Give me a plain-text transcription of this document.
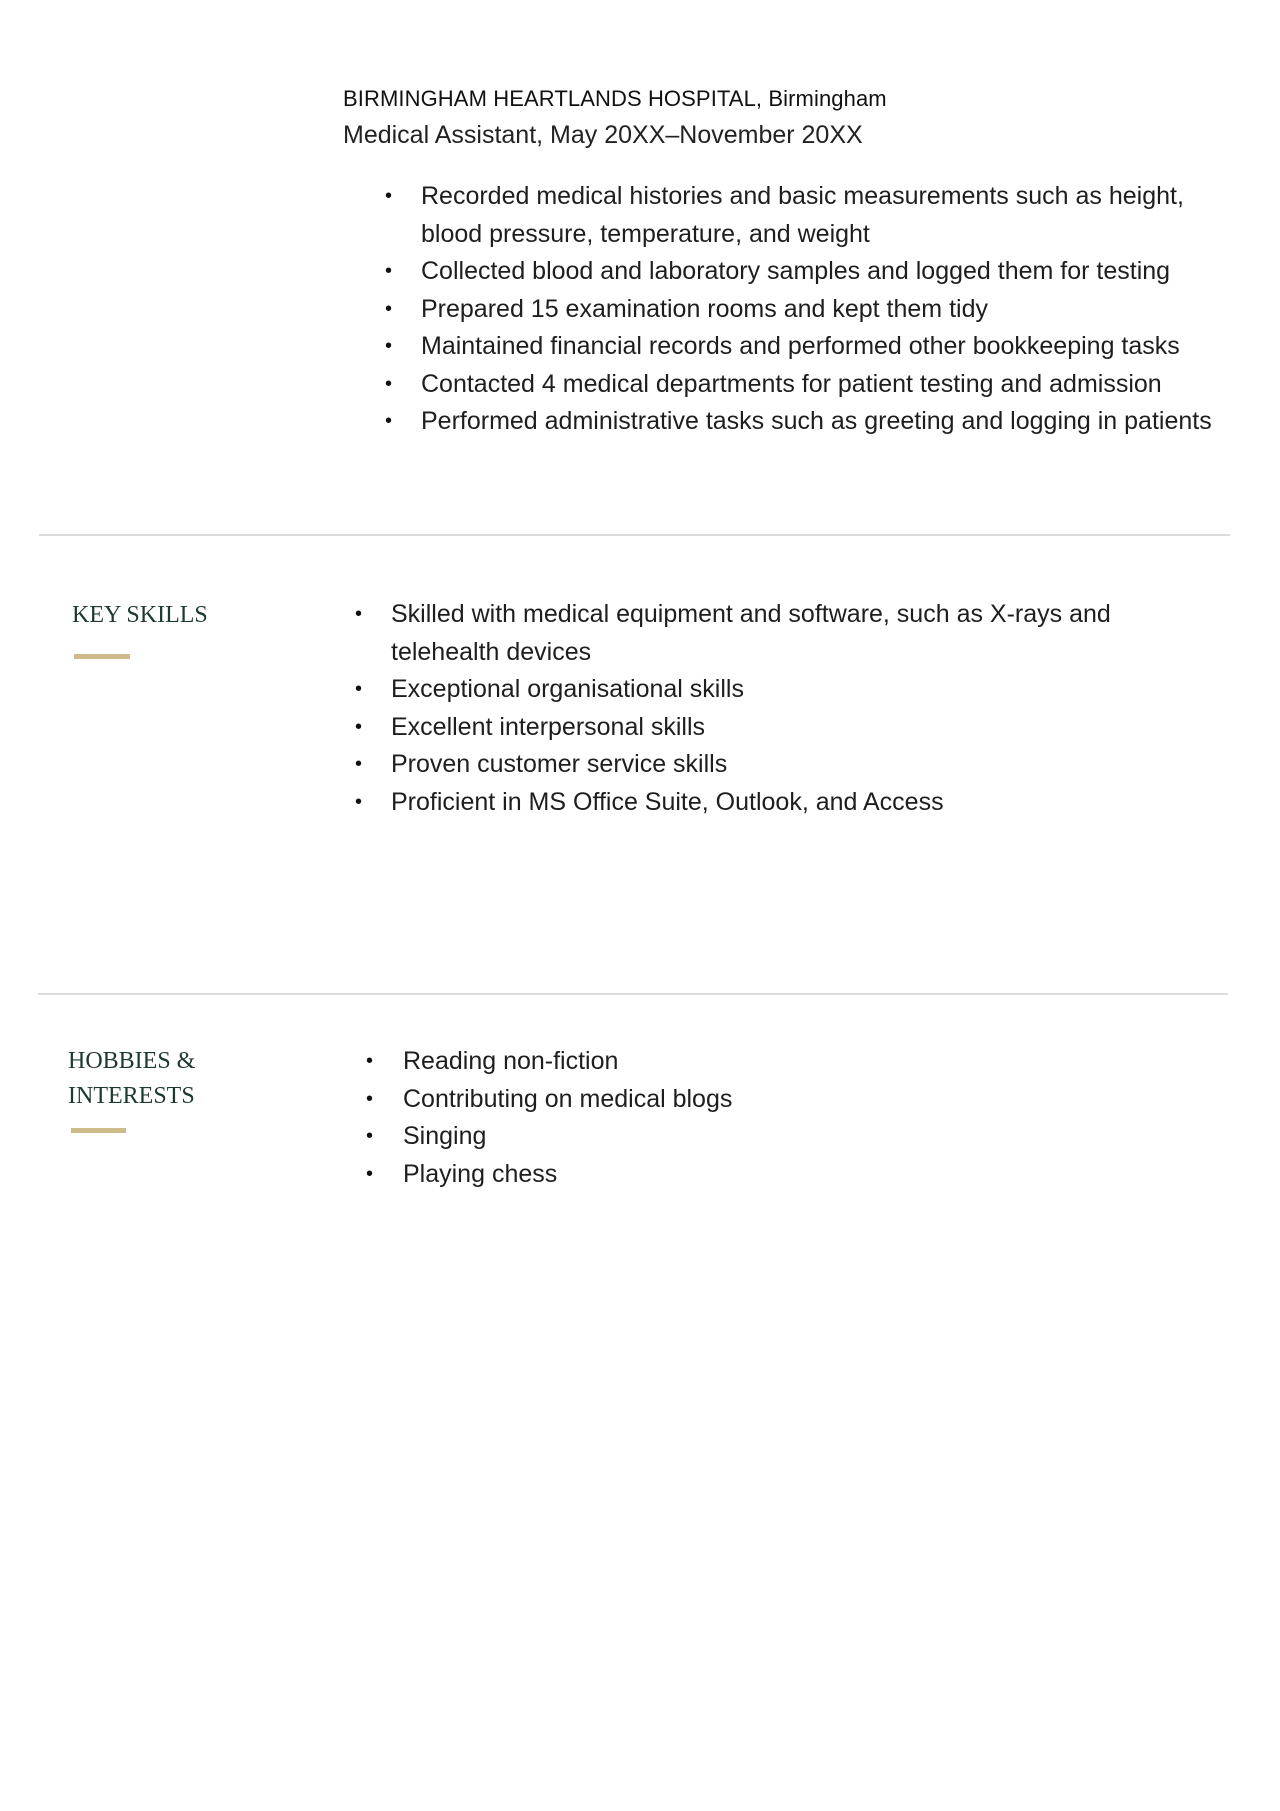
BIRMINGHAM HEARTLANDS HOSPITAL, Birmingham
Medical Assistant, May 20XX–November 20XX
• Recorded medical histories and basic measurements such as height, blood pressure, temperature, and weight
• Collected blood and laboratory samples and logged them for testing
• Prepared 15 examination rooms and kept them tidy
• Maintained financial records and performed other bookkeeping tasks
• Contacted 4 medical departments for patient testing and admission
• Performed administrative tasks such as greeting and logging in patients
KEY SKILLS	• Skilled with medical equipment and software, such as X-rays and telehealth devices
• Exceptional organisational skills
• Excellent interpersonal skills
• Proven customer service skills
• Proficient in MS Office Suite, Outlook, and Access
HOBBIES &
INTERESTS
• Reading non-fiction
• Contributing on medical blogs
• Singing
• Playing chess
